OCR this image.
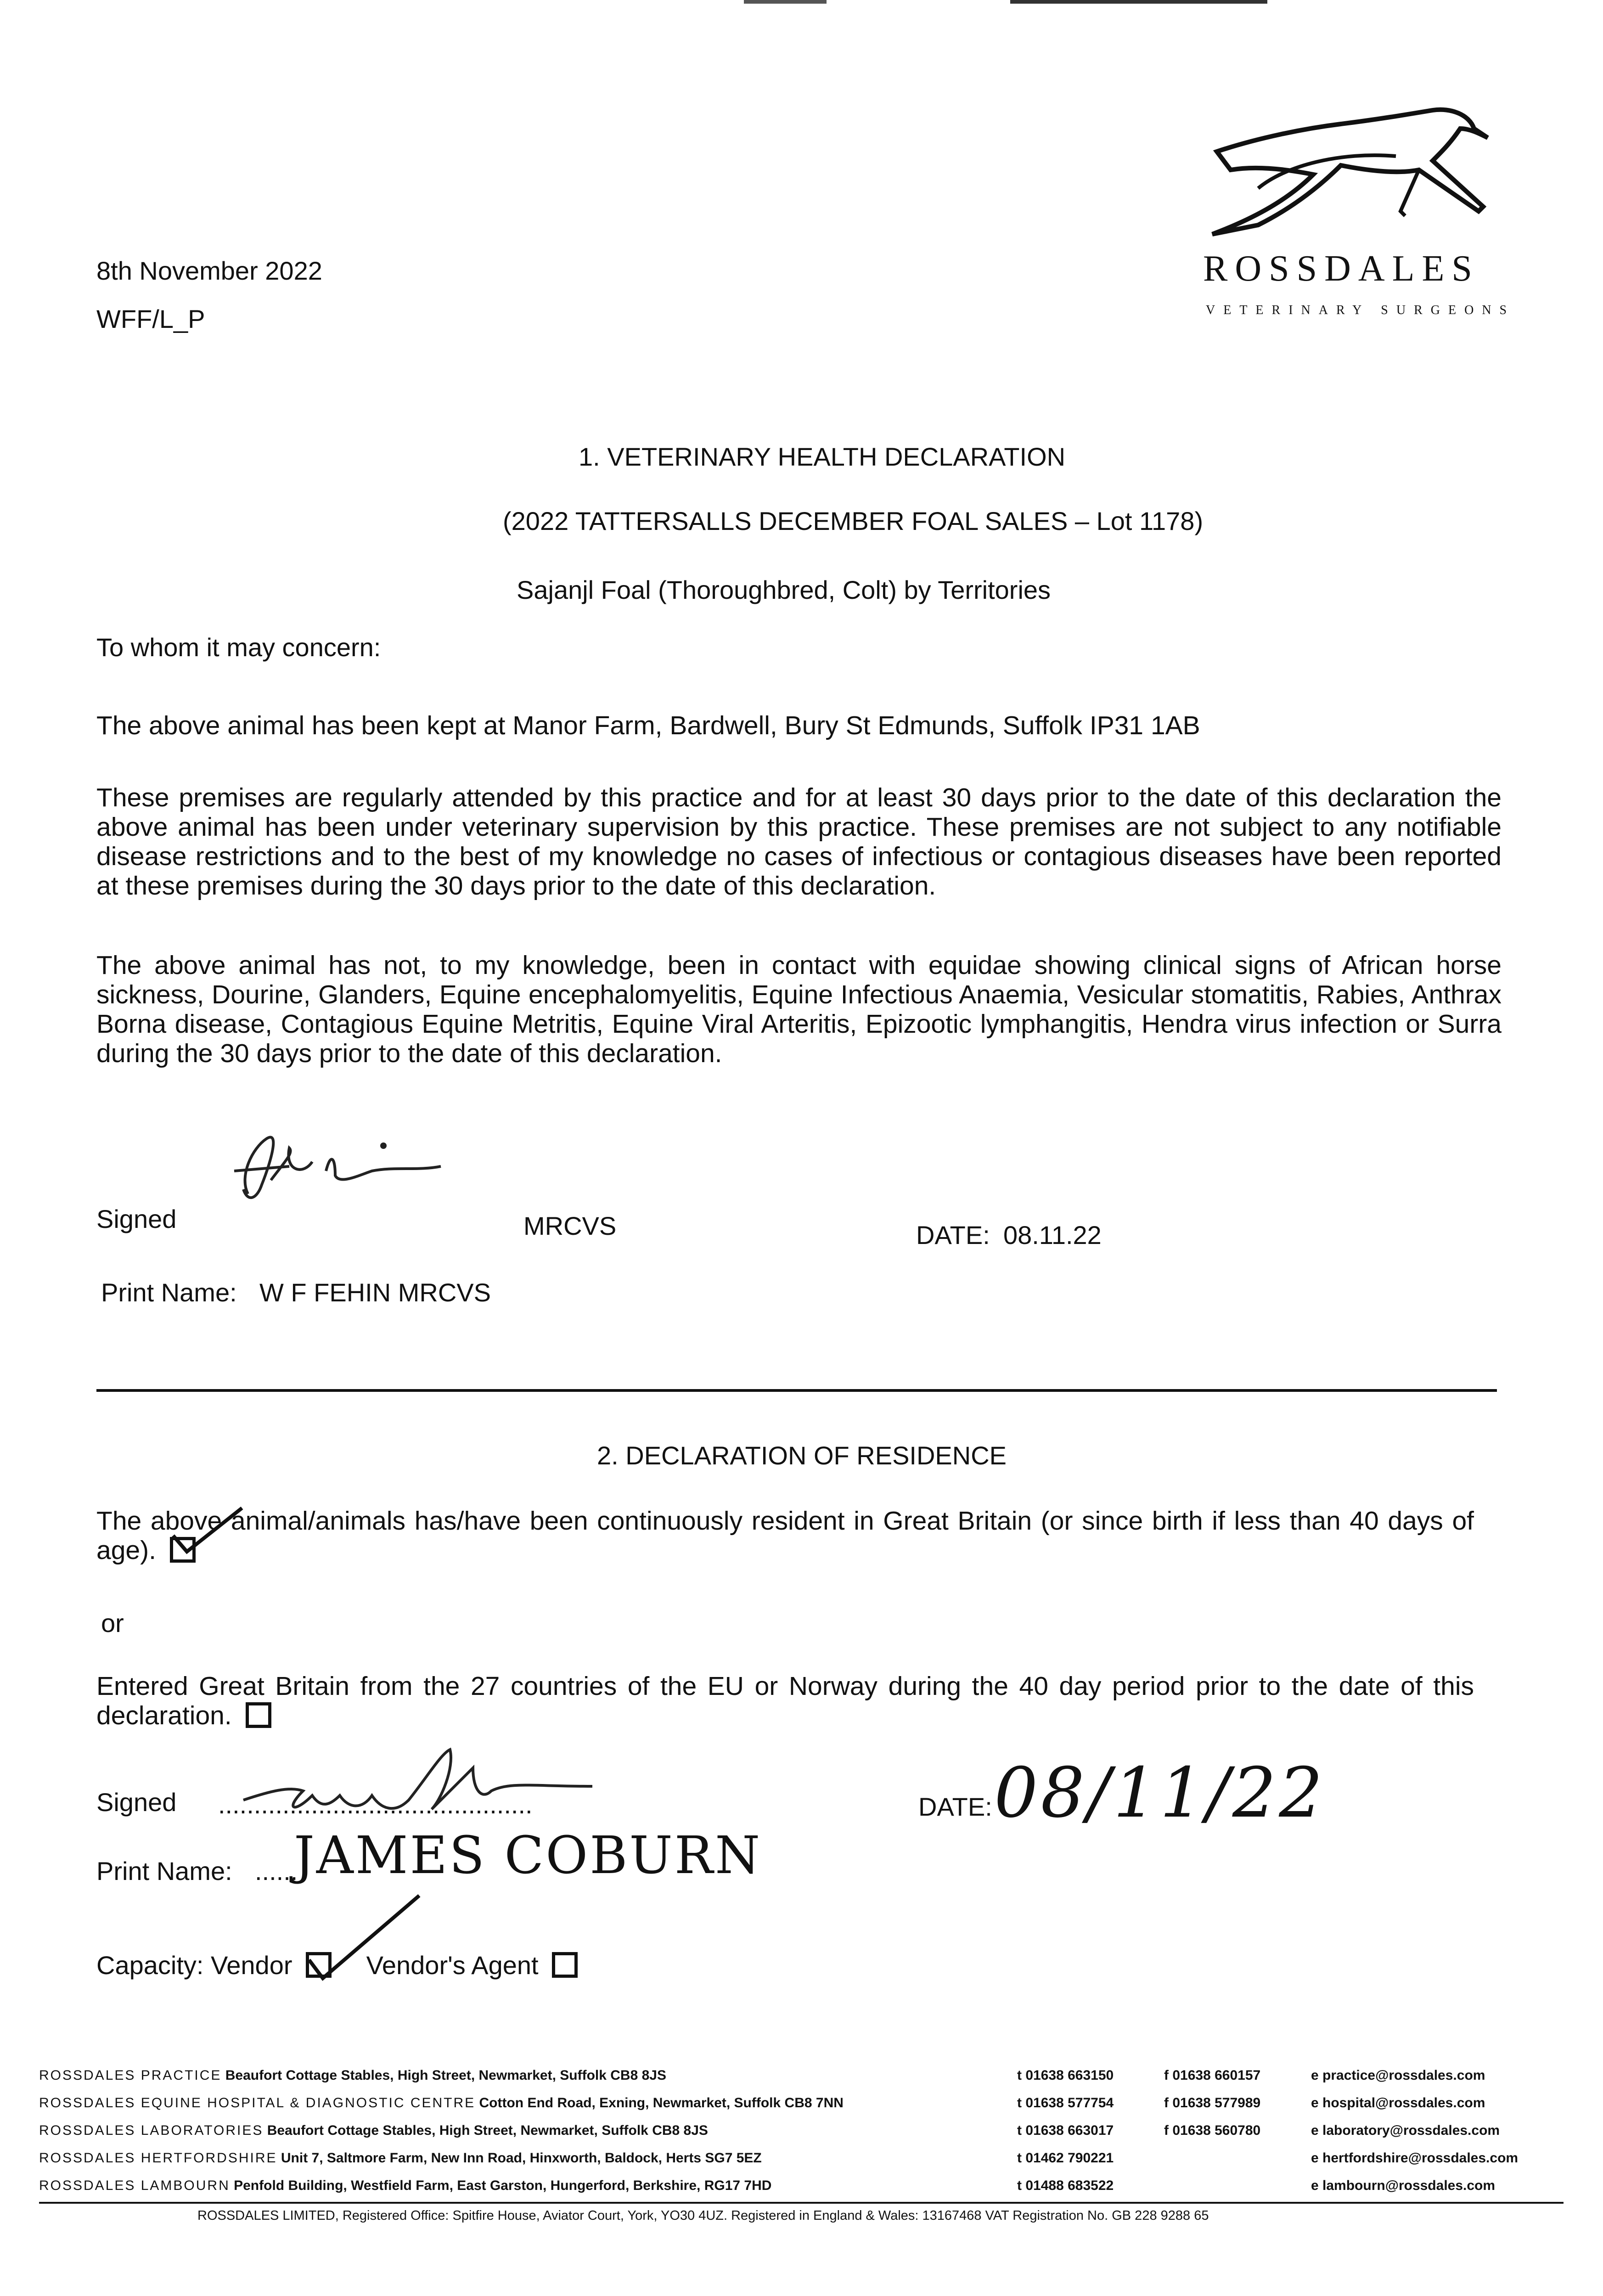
8th November 2022
WFF/L_P
ROSSDALES
VETERINARY SURGEONS
1. VETERINARY HEALTH DECLARATION
(2022 TATTERSALLS DECEMBER FOAL SALES – Lot 1178)
Sajanjl Foal (Thoroughbred, Colt) by Territories
To whom it may concern:
The above animal has been kept at Manor Farm, Bardwell, Bury St Edmunds, Suffolk IP31 1AB
These premises are regularly attended by this practice and for at least 30 days prior to the date of this declaration the above animal has been under veterinary supervision by this practice. These premises are not subject to any notifiable disease restrictions and to the best of my knowledge no cases of infectious or contagious diseases have been reported at these premises during the 30 days prior to the date of this declaration.
The above animal has not, to my knowledge, been in contact with equidae showing clinical signs of African horse sickness, Dourine, Glanders, Equine encephalomyelitis, Equine Infectious Anaemia, Vesicular stomatitis, Rabies, Anthrax Borna disease, Contagious Equine Metritis, Equine Viral Arteritis, Epizootic lymphangitis, Hendra virus infection or Surra during the 30 days prior to the date of this declaration.
Signed	MRCVS	DATE: 08.11.22
Print Name: W F FEHIN MRCVS
2. DECLARATION OF RESIDENCE
The above animal/animals has/have been continuously resident in Great Britain (or since birth if less than 40 days of age).
or
Entered Great Britain from the 27 countries of the EU or Norway during the 40 day period prior to the date of this declaration.
Signed ............................................	DATE: 08/11/22
Print Name: ......
JAMES COBURN
Capacity: Vendor	Vendor's Agent
ROSSDALES PRACTICE Beaufort Cottage Stables, High Street, Newmarket, Suffolk CB8 8JS	t 01638 663150	f 01638 660157	e practice@rossdales.com
ROSSDALES EQUINE HOSPITAL & DIAGNOSTIC CENTRE Cotton End Road, Exning, Newmarket, Suffolk CB8 7NN	t 01638 577754	f 01638 577989	e hospital@rossdales.com
ROSSDALES LABORATORIES Beaufort Cottage Stables, High Street, Newmarket, Suffolk CB8 8JS	t 01638 663017	f 01638 560780	e laboratory@rossdales.com
ROSSDALES HERTFORDSHIRE Unit 7, Saltmore Farm, New Inn Road, Hinxworth, Baldock, Herts SG7 5EZ	t 01462 790221	e hertfordshire@rossdales.com
ROSSDALES LAMBOURN Penfold Building, Westfield Farm, East Garston, Hungerford, Berkshire, RG17 7HD	t 01488 683522	e lambourn@rossdales.com
ROSSDALES LIMITED, Registered Office: Spitfire House, Aviator Court, York, YO30 4UZ. Registered in England & Wales: 13167468 VAT Registration No. GB 228 9288 65
